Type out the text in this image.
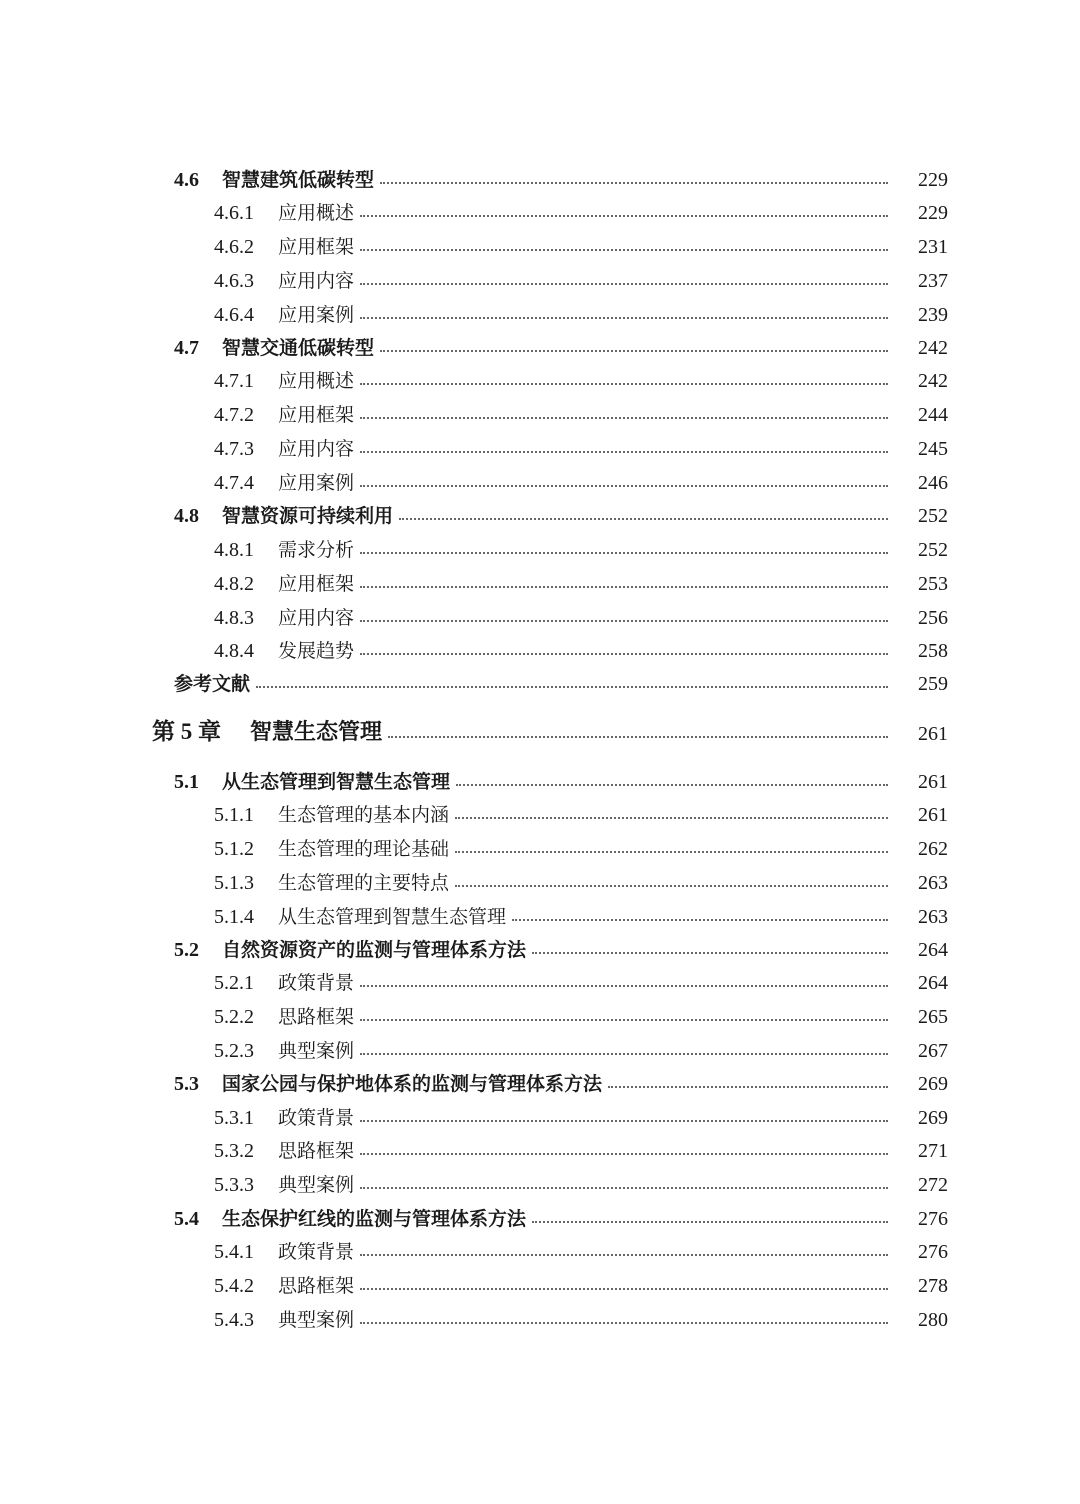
4.6	智慧建筑低碳转型	229
4.6.1	应用概述	229
4.6.2	应用框架	231
4.6.3	应用内容	237
4.6.4	应用案例	239
4.7	智慧交通低碳转型	242
4.7.1	应用概述	242
4.7.2	应用框架	244
4.7.3	应用内容	245
4.7.4	应用案例	246
4.8	智慧资源可持续利用	252
4.8.1	需求分析	252
4.8.2	应用框架	253
4.8.3	应用内容	256
4.8.4	发展趋势	258
参考文献	259
第 5 章	智慧生态管理	261
5.1	从生态管理到智慧生态管理	261
5.1.1	生态管理的基本内涵	261
5.1.2	生态管理的理论基础	262
5.1.3	生态管理的主要特点	263
5.1.4	从生态管理到智慧生态管理	263
5.2	自然资源资产的监测与管理体系方法	264
5.2.1	政策背景	264
5.2.2	思路框架	265
5.2.3	典型案例	267
5.3	国家公园与保护地体系的监测与管理体系方法	269
5.3.1	政策背景	269
5.3.2	思路框架	271
5.3.3	典型案例	272
5.4	生态保护红线的监测与管理体系方法	276
5.4.1	政策背景	276
5.4.2	思路框架	278
5.4.3	典型案例	280
